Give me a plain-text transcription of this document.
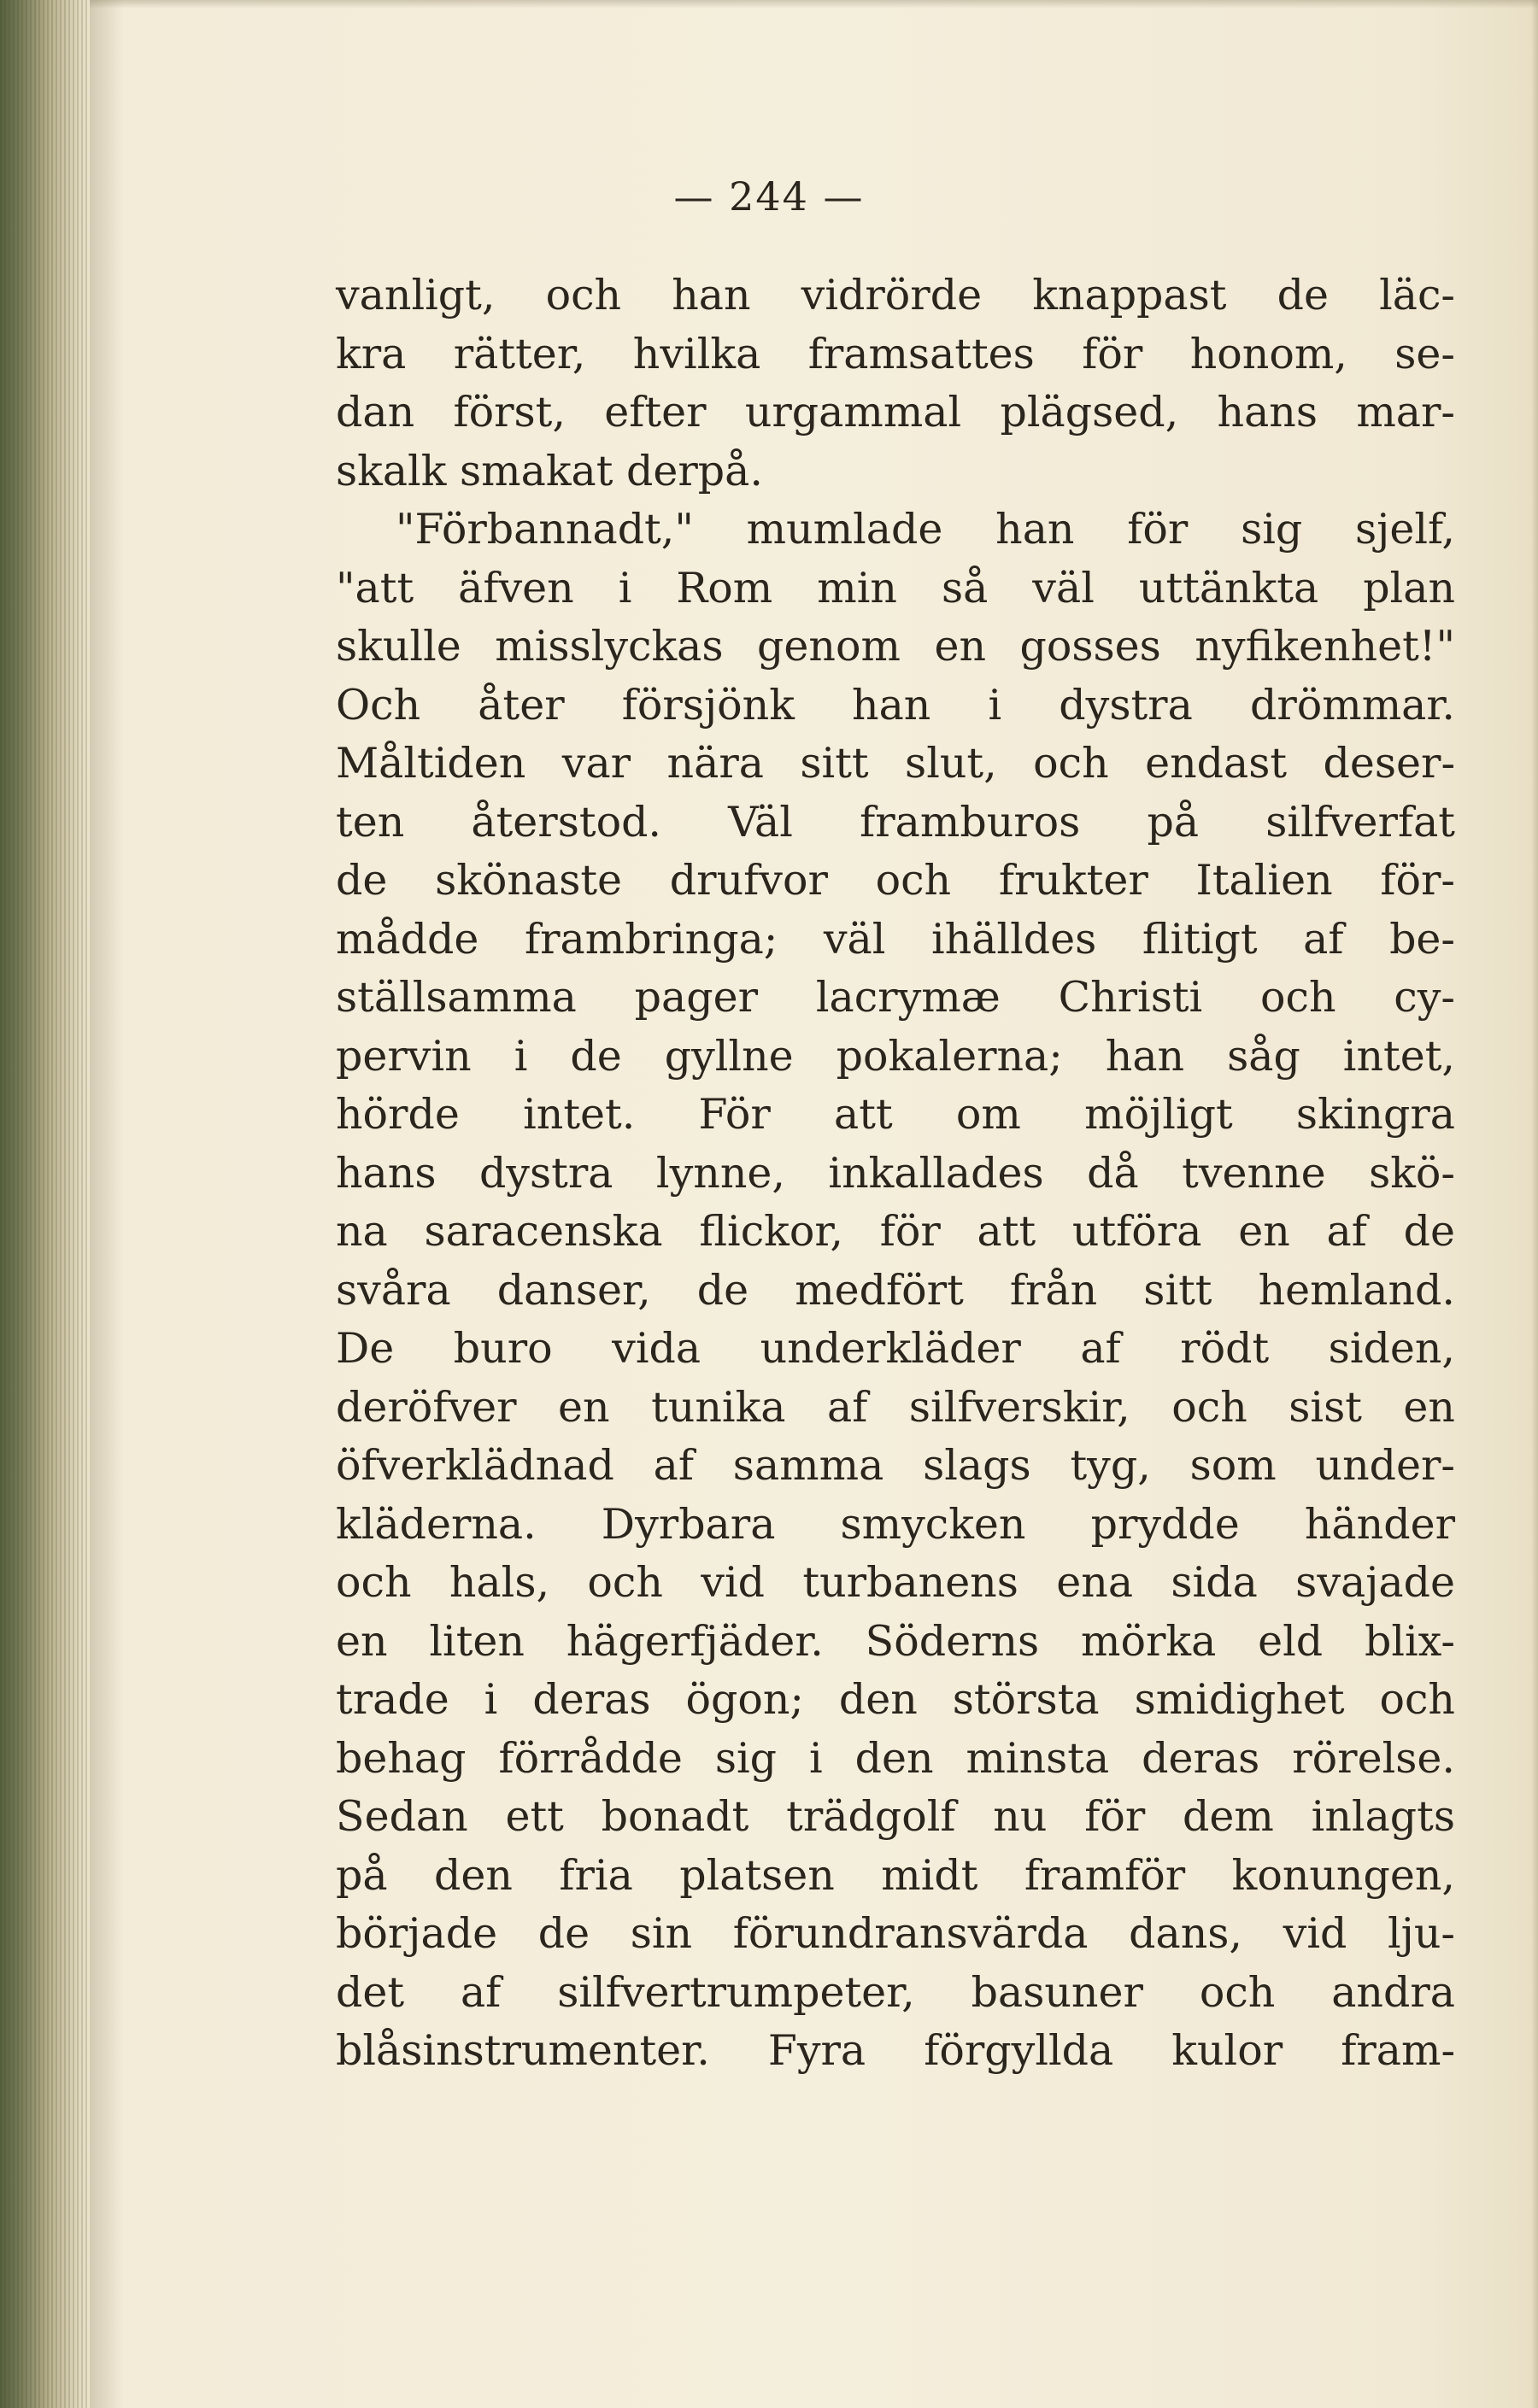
— 244 —
vanligt, och han vidrörde knappast de läc-
kra rätter, hvilka framsattes för honom, se-
dan först, efter urgammal plägsed, hans mar-
skalk smakat derpå.
"Förbannadt," mumlade han för sig sjelf,
"att äfven i Rom min så väl uttänkta plan
skulle misslyckas genom en gosses nyfikenhet!"
Och åter försjönk han i dystra drömmar.
Måltiden var nära sitt slut, och endast deser-
ten återstod. Väl framburos på silfverfat
de skönaste drufvor och frukter Italien för-
mådde frambringa; väl ihälldes flitigt af be-
ställsamma pager lacrymæ Christi och cy-
pervin i de gyllne pokalerna; han såg intet,
hörde intet. För att om möjligt skingra
hans dystra lynne, inkallades då tvenne skö-
na saracenska flickor, för att utföra en af de
svåra danser, de medfört från sitt hemland.
De buro vida underkläder af rödt siden,
deröfver en tunika af silfverskir, och sist en
öfverklädnad af samma slags tyg, som under-
kläderna. Dyrbara smycken prydde händer
och hals, och vid turbanens ena sida svajade
en liten hägerfjäder. Söderns mörka eld blix-
trade i deras ögon; den största smidighet och
behag förrådde sig i den minsta deras rörelse.
Sedan ett bonadt trädgolf nu för dem inlagts
på den fria platsen midt framför konungen,
började de sin förundransvärda dans, vid lju-
det af silfvertrumpeter, basuner och andra
blåsinstrumenter. Fyra förgyllda kulor fram-
